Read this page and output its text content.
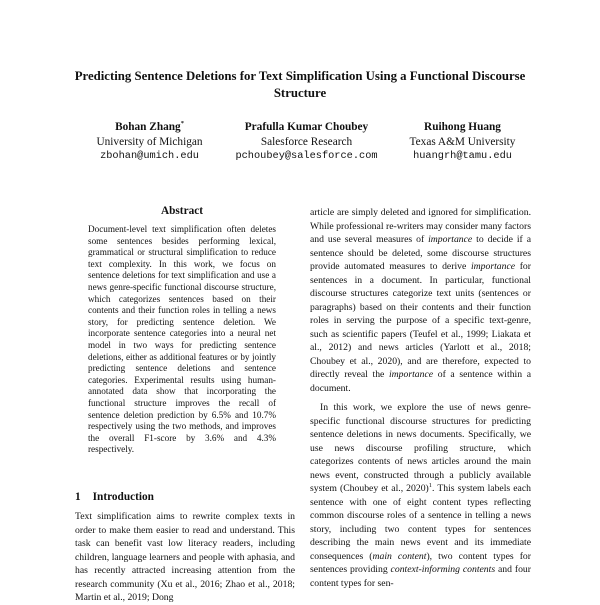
Predicting Sentence Deletions for Text Simplification Using a Functional Discourse Structure
Bohan Zhang*
University of Michigan
zbohan@umich.edu
Prafulla Kumar Choubey
Salesforce Research
pchoubey@salesforce.com
Ruihong Huang
Texas A&M University
huangrh@tamu.edu
Abstract

Document-level text simplification often deletes some sentences besides performing lexical, grammatical or structural simplification to reduce text complexity. In this work, we focus on sentence deletions for text simplification and use a news genre-specific functional discourse structure, which categorizes sentences based on their contents and their function roles in telling a news story, for predicting sentence deletion. We incorporate sentence categories into a neural net model in two ways for predicting sentence deletions, either as additional features or by jointly predicting sentence deletions and sentence categories. Experimental results using human-annotated data show that incorporating the functional structure improves the recall of sentence deletion prediction by 6.5% and 10.7% respectively using the two methods, and improves the overall F1-score by 3.6% and 4.3% respectively.

1 Introduction

Text simplification aims to rewrite complex texts in order to make them easier to read and understand. This task can benefit vast low literacy readers, including children, language learners and people with aphasia, and has recently attracted increasing attention from the research community (Xu et al., 2016; Zhao et al., 2018; Martin et al., 2019; Dong

article are simply deleted and ignored for simplification. While professional re-writers may consider many factors and use several measures of importance to decide if a sentence should be deleted, some discourse structures provide automated measures to derive importance for sentences in a document. In particular, functional discourse structures categorize text units (sentences or paragraphs) based on their contents and their function roles in serving the purpose of a specific text-genre, such as scientific papers (Teufel et al., 1999; Liakata et al., 2012) and news articles (Yarlott et al., 2018; Choubey et al., 2020), and are therefore, expected to directly reveal the importance of a sentence within a document.

In this work, we explore the use of news genre-specific functional discourse structures for predicting sentence deletions in news documents. Specifically, we use news discourse profiling structure, which categorizes contents of news articles around the main news event, constructed through a publicly available system (Choubey et al., 2020)$^1$. This system labels each sentence with one of eight content types reflecting common discourse roles of a sentence in telling a news story, including two content types for sentences describing the main news event and its immediate consequences (main content), two content types for sentences providing context-informing contents and four content types for sen-
